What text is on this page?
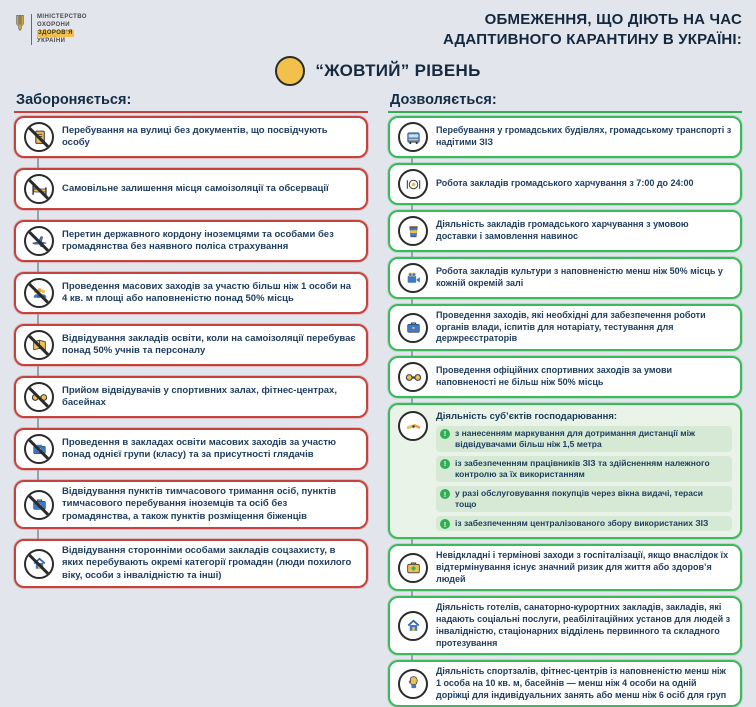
МІНІСТЕРСТВО
ОХОРОНИ
ЗДОРОВ’Я
УКРАЇНИ
ОБМЕЖЕННЯ, ЩО ДІЮТЬ НА ЧАС
АДАПТИВНОГО КАРАНТИНУ В УКРАЇНІ:
“ЖОВТИЙ” РІВЕНЬ
Забороняється:
Перебування на вулиці без документів, що посвідчують особу
Самовільне залишення місця самоізоляції та обсервації
Перетин державного кордону іноземцями та особами без громадянства без наявного поліса страхування
Проведення масових заходів за участю більш ніж 1 особи на 4 кв. м площі або наповненістю понад 50% місць
Відвідування закладів освіти, коли на самоізоляції перебуває понад 50% учнів та персоналу
Прийом відвідувачів у спортивних залах, фітнес-центрах, басейнах
Проведення в закладах освіти масових заходів за участю понад однієї групи (класу) та за присутності глядачів
Відвідування пунктів тимчасового тримання осіб, пунктів тимчасового перебування іноземців та осіб без громадянства, а також пунктів розміщення біженців
Відвідування сторонніми особами закладів соцзахисту, в яких перебувають окремі категорії громадян (люди похилого віку, особи з інвалідністю та інші)
Дозволяється:
Перебування у громадських будівлях, громадському транспорті з надітими ЗІЗ
Робота закладів громадського харчування з 7:00 до 24:00
Діяльність закладів громадського харчування з умовою доставки і замовлення навинос
Робота закладів культури з наповненістю менш ніж 50% місць у кожній окремій залі
Проведення заходів, які необхідні для забезпечення роботи органів влади, іспитів для нотаріату, тестування для держреєстраторів
Проведення офіційних спортивних заходів за умови наповненості не більш ніж 50% місць
Діяльність суб’єктів господарювання:
!	з нанесенням маркування для дотримання дистанції між відвідувачами більш ніж 1,5 метра
!	із забезпеченням працівників ЗІЗ та здійсненням належного контролю за їх використанням
!	у разі обслуговування покупців через вікна видачі, тераси тощо
!	із забезпеченням централізованого збору використаних ЗІЗ
Невідкладні і термінові заходи з госпіталізації, якщо внаслідок їх відтермінування існує значний ризик для життя або здоров’я людей
Діяльність готелів, санаторно-курортних закладів, закладів, які надають соціальні послуги, реабілітаційних установ для людей з інвалідністю, стаціонарних відділень первинного та складного протезування
Діяльність спортзалів, фітнес-центрів із наповненістю менш ніж 1 особа на 10 кв. м, басейнів — менш ніж 4 особи на одній доріжці для індивідуальних занять або менш ніж 6 осіб для груп
